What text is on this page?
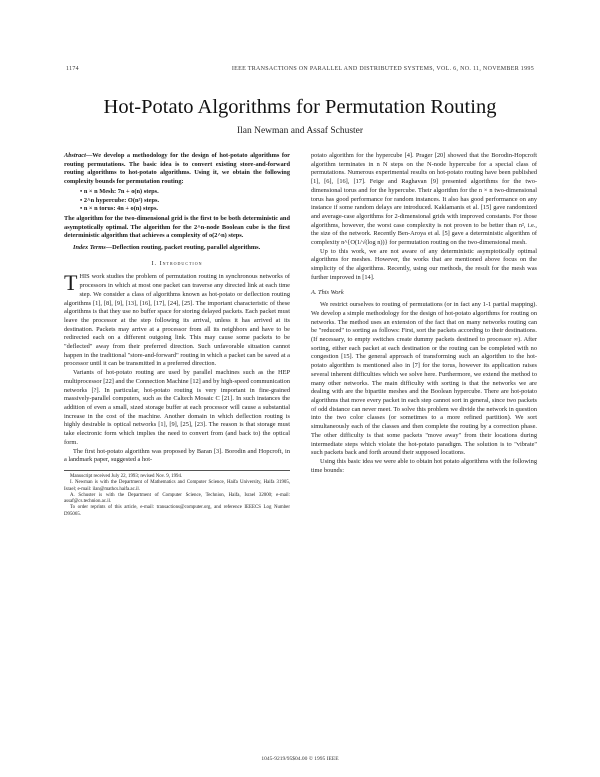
1174	IEEE TRANSACTIONS ON PARALLEL AND DISTRIBUTED SYSTEMS, VOL. 6, NO. 11, NOVEMBER 1995
Hot-Potato Algorithms for Permutation Routing
Ilan Newman and Assaf Schuster

Abstract—We develop a methodology for the design of hot-potato algorithms for routing permutations. The basic idea is to convert existing store-and-forward routing algorithms to hot-potato algorithms. Using it, we obtain the following complexity bounds for permutation routing:

• n × n Mesh: 7n + o(n) steps.
• 2^n hypercube: O(n²) steps.
• n × n torus: 4n + o(n) steps.

The algorithm for the two-dimensional grid is the first to be both deterministic and asymptotically optimal. The algorithm for the 2^n-node Boolean cube is the first deterministic algorithm that achieves a complexity of o(2^n) steps.

Index Terms—Deflection routing, packet routing, parallel algorithms.

I. Introduction

THIS work studies the problem of permutation routing in synchronous networks of processors in which at most one packet can traverse any directed link at each time step. We consider a class of algorithms known as hot-potato or deflection routing algorithms [1], [8], [9], [13], [16], [17], [24], [25]. The important characteristic of these algorithms is that they use no buffer space for storing delayed packets. Each packet must leave the processor at the step following its arrival, unless it has arrived at its destination. Packets may arrive at a processor from all its neighbors and have to be redirected each on a different outgoing link. This may cause some packets to be "deflected" away from their preferred direction. Such unfavorable situation cannot happen in the traditional "store-and-forward" routing in which a packet can be saved at a processor until it can be transmitted in a preferred direction.

Variants of hot-potato routing are used by parallel machines such as the HEP multiprocessor [22] and the Connection Machine [12] and by high-speed communication networks [?]. In particular, hot-potato routing is very important in fine-grained massively-parallel computers, such as the Caltech Mosaic C [21]. In such instances the addition of even a small, sized storage buffer at each processor will cause a substantial increase in the cost of the machine. Another domain in which deflection routing is highly desirable is optical networks [1], [9], [25], [23]. The reason is that storage must take electronic form which implies the need to convert from (and back to) the optical form.

The first hot-potato algorithm was proposed by Baran [3]. Borodin and Hopcroft, in a landmark paper, suggested a hot-

Manuscript received July 22, 1993; revised Nov. 9, 1994.

I. Newman is with the Department of Mathematics and Computer Science, Haifa University, Haifa 31905, Israel; e-mail: ilan@mathcs.haifa.ac.il.

A. Schuster is with the Department of Computer Science, Technion, Haifa, Israel 32000; e-mail: assaf@cs.technion.ac.il.

To order reprints of this article, e-mail: transactions@computer.org, and reference IEEECS Log Number D95065.

potato algorithm for the hypercube [4]. Prager [20] showed that the Borodin-Hopcroft algorithm terminates in n N steps on the N-node hypercube for a special class of permutations. Numerous experimental results on hot-potato routing have been published [1], [6], [16], [17]. Feige and Raghavan [9] presented algorithms for the two-dimensional torus and for the hypercube. Their algorithm for the n × n two-dimensional torus has good performance for random instances. It also has good performance on any instance if some random delays are introduced. Kaklamanis et al. [15] gave randomized and average-case algorithms for 2-dimensional grids with improved constants. For those algorithms, however, the worst case complexity is not proven to be better than n², i.e., the size of the network. Recently Ben-Aroya et al. [5] gave a deterministic algorithm of complexity n^{O(1/√(log n))} for permutation routing on the two-dimensional mesh.

Up to this work, we are not aware of any deterministic asymptotically optimal algorithms for meshes. However, the works that are mentioned above focus on the simplicity of the algorithms. Recently, using our methods, the result for the mesh was further improved in [14].

A. This Work

We restrict ourselves to routing of permutations (or in fact any 1-1 partial mapping). We develop a simple methodology for the design of hot-potato algorithms for routing on networks. The method uses an extension of the fact that on many networks routing can be "reduced" to sorting as follows: First, sort the packets according to their destinations. (If necessary, to empty switches create dummy packets destined to processor ∞). After sorting, either each packet at each destination or the routing can be completed with no congestion [15]. The general approach of transforming such an algorithm to the hot-potato algorithm is mentioned also in [7] for the torus, however its application raises several inherent difficulties which we solve here. Furthermore, we extend the method to many other networks. The main difficulty with sorting is that the networks we are dealing with are the bipartite meshes and the Boolean hypercube. There are hot-potato algorithms that move every packet in each step cannot sort in general, since two packets of odd distance can never meet. To solve this problem we divide the network in question into the two color classes (or sometimes to a more refined partition). We sort simultaneously each of the classes and then complete the routing by a correction phase. The other difficulty is that some packets "move away" from their locations during intermediate steps which violate the hot-potato paradigm. The solution is to "vibrate" such packets back and forth around their supposed locations.

Using this basic idea we were able to obtain hot potato algorithms with the following time bounds:

1045-9219/95$04.00 © 1995 IEEE
